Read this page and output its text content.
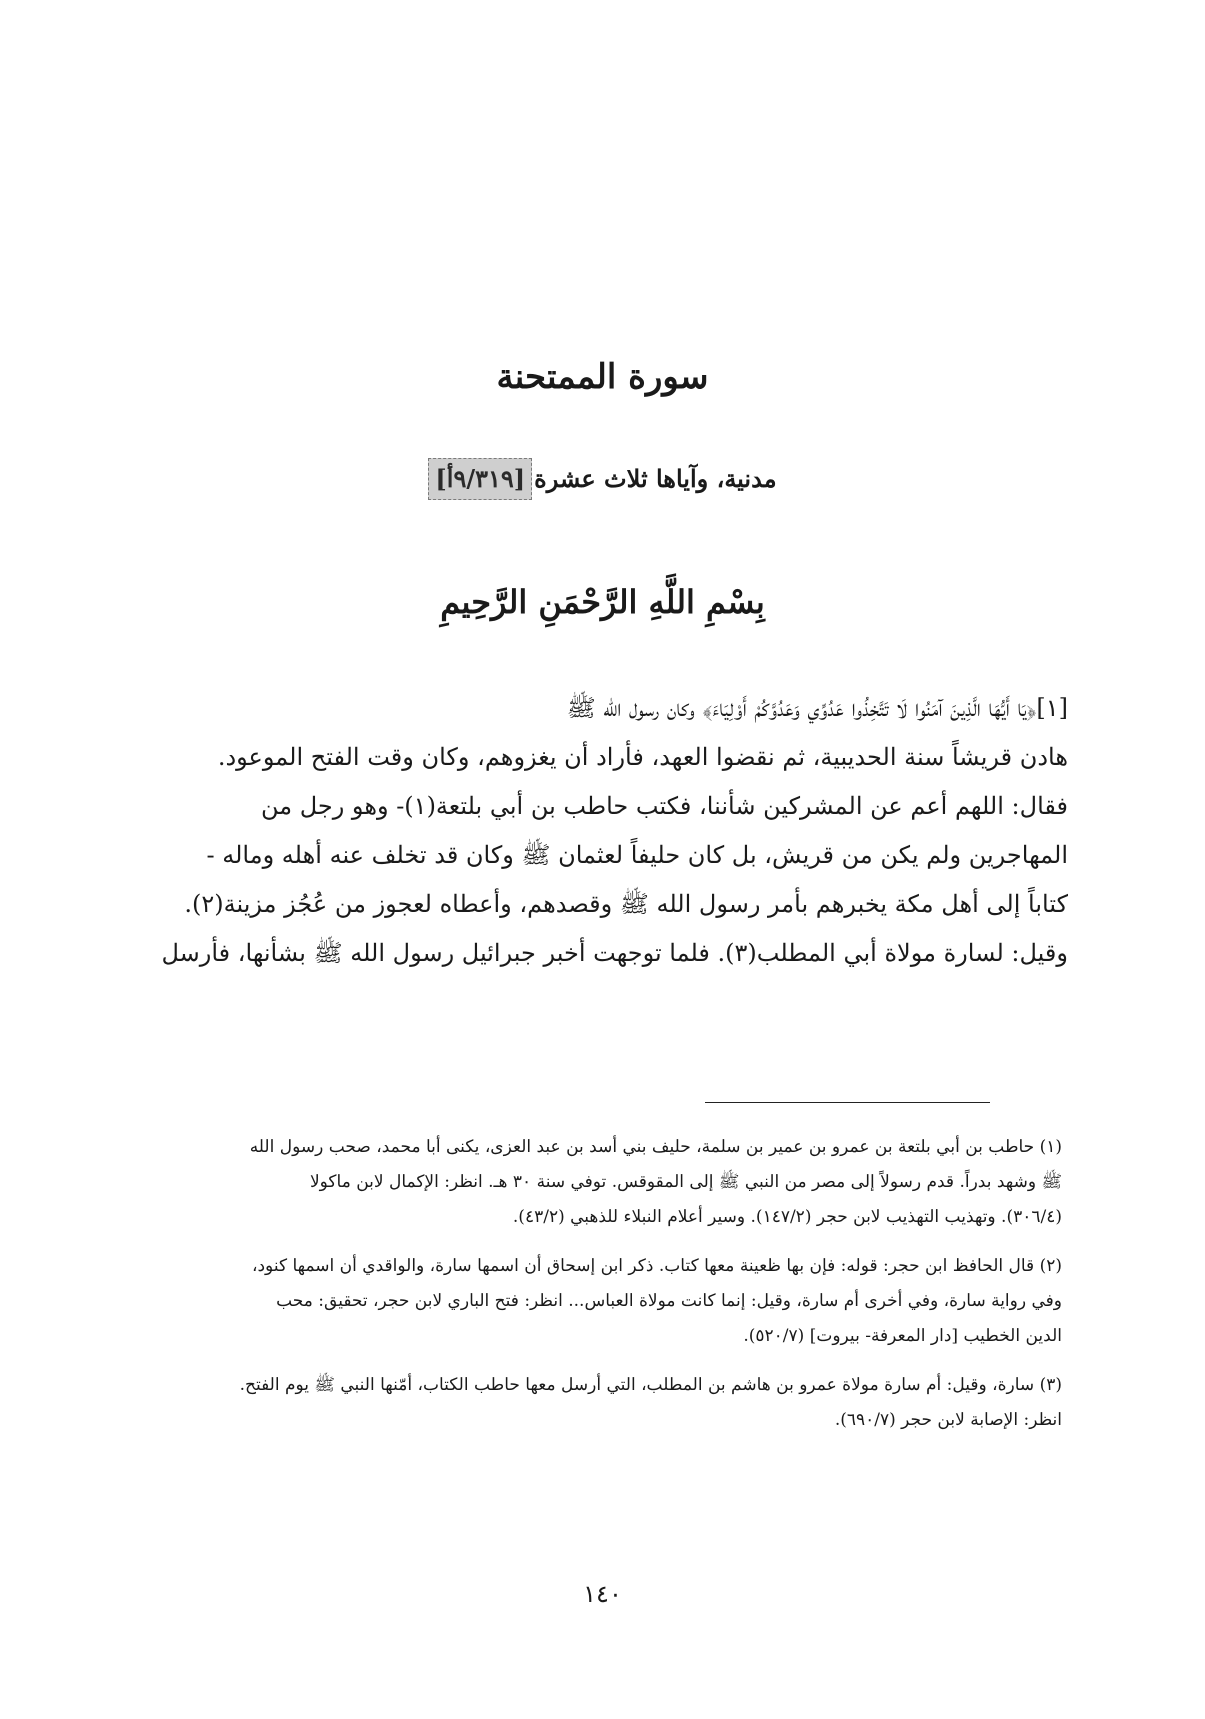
سورة الممتحنة
مدنية، وآياها ثلاث عشرة[٩/٣١٩أ]
بِسْمِ اللَّهِ الرَّحْمَنِ الرَّحِيمِ
[١]﴿يَا أَيُّهَا الَّذِينَ آمَنُوا لَا تَتَّخِذُوا عَدُوِّي وَعَدُوَّكُمْ أَوْلِيَاءَ﴾ وكان رسول الله ﷺ
هادن قريشاً سنة الحديبية، ثم نقضوا العهد، فأراد أن يغزوهم، وكان وقت الفتح الموعود.
فقال: اللهم أعم عن المشركين شأننا، فكتب حاطب بن أبي بلتعة(١)- وهو رجل من
المهاجرين ولم يكن من قريش، بل كان حليفاً لعثمان ﷺ وكان قد تخلف عنه أهله وماله -
كتاباً إلى أهل مكة يخبرهم بأمر رسول الله ﷺ وقصدهم، وأعطاه لعجوز من عُجُز مزينة(٢).
وقيل: لسارة مولاة أبي المطلب(٣). فلما توجهت أخبر جبرائيل رسول الله ﷺ بشأنها، فأرسل
(١) حاطب بن أبي بلتعة بن عمرو بن عمير بن سلمة، حليف بني أسد بن عبد العزى، يكنى أبا محمد، صحب رسول الله
ﷺ وشهد بدراً. قدم رسولاً إلى مصر من النبي ﷺ إلى المقوقس. توفي سنة ٣٠ هـ. انظر: الإكمال لابن ماكولا
(٣٠٦/٤). وتهذيب التهذيب لابن حجر (١٤٧/٢). وسير أعلام النبلاء للذهبي (٤٣/٢).
(٢) قال الحافظ ابن حجر: قوله: فإن بها ظعينة معها كتاب. ذكر ابن إسحاق أن اسمها سارة، والواقدي أن اسمها كنود،
وفي رواية سارة، وفي أخرى أم سارة، وقيل: إنما كانت مولاة العباس... انظر: فتح الباري لابن حجر، تحقيق: محب
الدين الخطيب [دار المعرفة- بيروت] (٥٢٠/٧).
(٣) سارة، وقيل: أم سارة مولاة عمرو بن هاشم بن المطلب، التي أرسل معها حاطب الكتاب، أمّنها النبي ﷺ يوم الفتح.
انظر: الإصابة لابن حجر (٦٩٠/٧).
١٤٠
